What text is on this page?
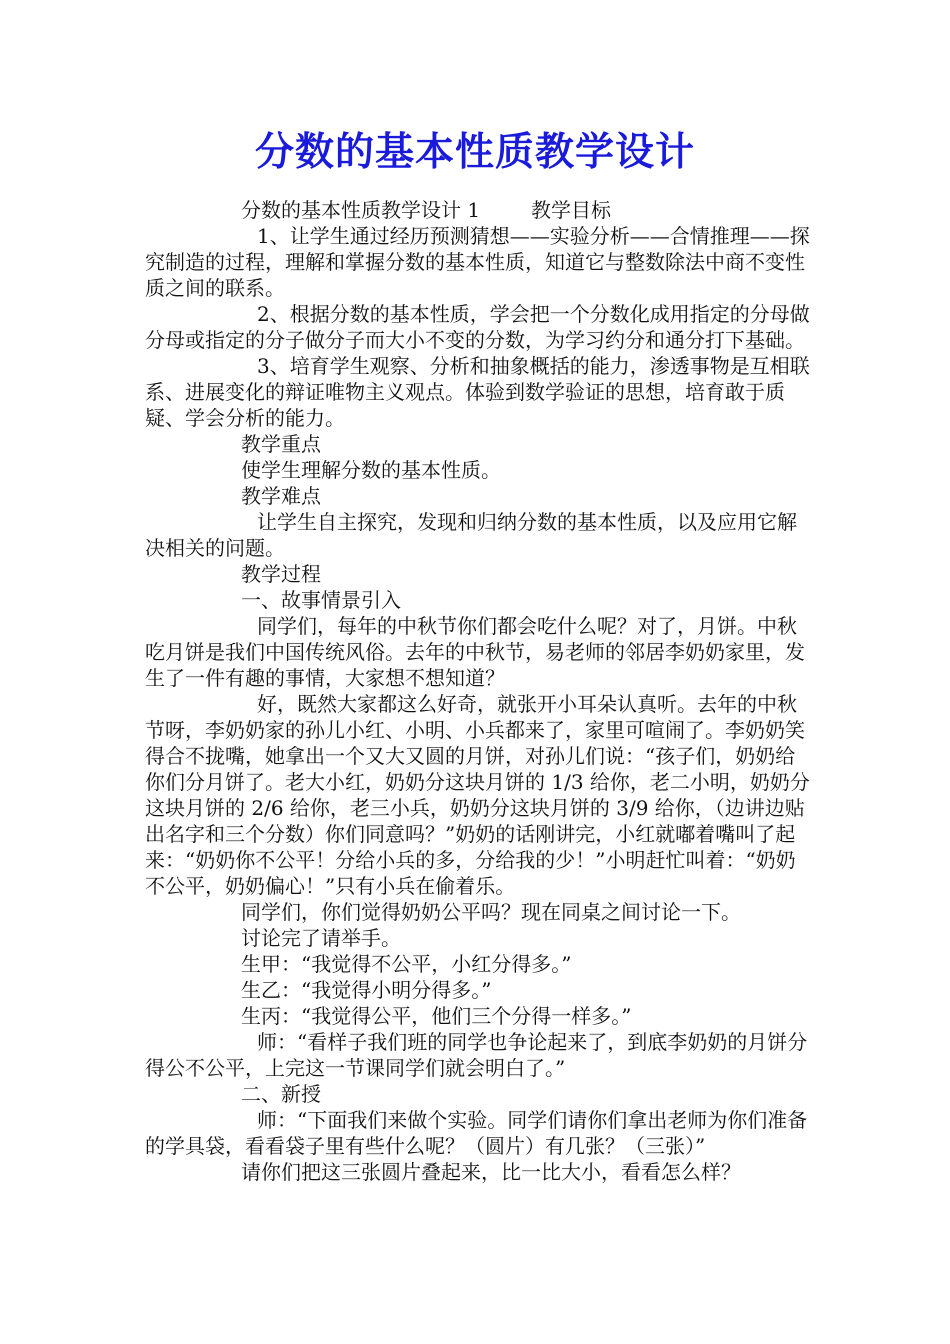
分数的基本性质教学设计

分数的基本性质教学设计 1        教学目标

1、让学生通过经历预测猜想——实验分析——合情推理——探究制造的过程，理解和掌握分数的基本性质，知道它与整数除法中商不变性质之间的联系。

2、根据分数的基本性质，学会把一个分数化成用指定的分母做分母或指定的分子做分子而大小不变的分数，为学习约分和通分打下基础。

3、培育学生观察、分析和抽象概括的能力，渗透事物是互相联系、进展变化的辩证唯物主义观点。体验到数学验证的思想，培育敢于质疑、学会分析的能力。

教学重点

使学生理解分数的基本性质。

教学难点

让学生自主探究，发现和归纳分数的基本性质，以及应用它解决相关的问题。

教学过程

一、故事情景引入

同学们，每年的中秋节你们都会吃什么呢？对了，月饼。中秋吃月饼是我们中国传统风俗。去年的中秋节，易老师的邻居李奶奶家里，发生了一件有趣的事情，大家想不想知道？

好，既然大家都这么好奇，就张开小耳朵认真听。去年的中秋节呀，李奶奶家的孙儿小红、小明、小兵都来了，家里可喧闹了。李奶奶笑得合不拢嘴，她拿出一个又大又圆的月饼，对孙儿们说：“孩子们，奶奶给你们分月饼了。老大小红，奶奶分这块月饼的 1/3 给你，老二小明，奶奶分这块月饼的 2/6 给你，老三小兵，奶奶分这块月饼的 3/9 给你，（边讲边贴出名字和三个分数）你们同意吗？”奶奶的话刚讲完，小红就嘟着嘴叫了起来：“奶奶你不公平！分给小兵的多，分给我的少！”小明赶忙叫着：“奶奶不公平，奶奶偏心！”只有小兵在偷着乐。

同学们，你们觉得奶奶公平吗？现在同桌之间讨论一下。

讨论完了请举手。

生甲：“我觉得不公平，小红分得多。”

生乙：“我觉得小明分得多。”

生丙：“我觉得公平，他们三个分得一样多。”

师：“看样子我们班的同学也争论起来了，到底李奶奶的月饼分得公不公平，上完这一节课同学们就会明白了。”

二、新授

师：“下面我们来做个实验。同学们请你们拿出老师为你们准备的学具袋，看看袋子里有些什么呢？（圆片）有几张？（三张）”

请你们把这三张圆片叠起来，比一比大小，看看怎么样？
